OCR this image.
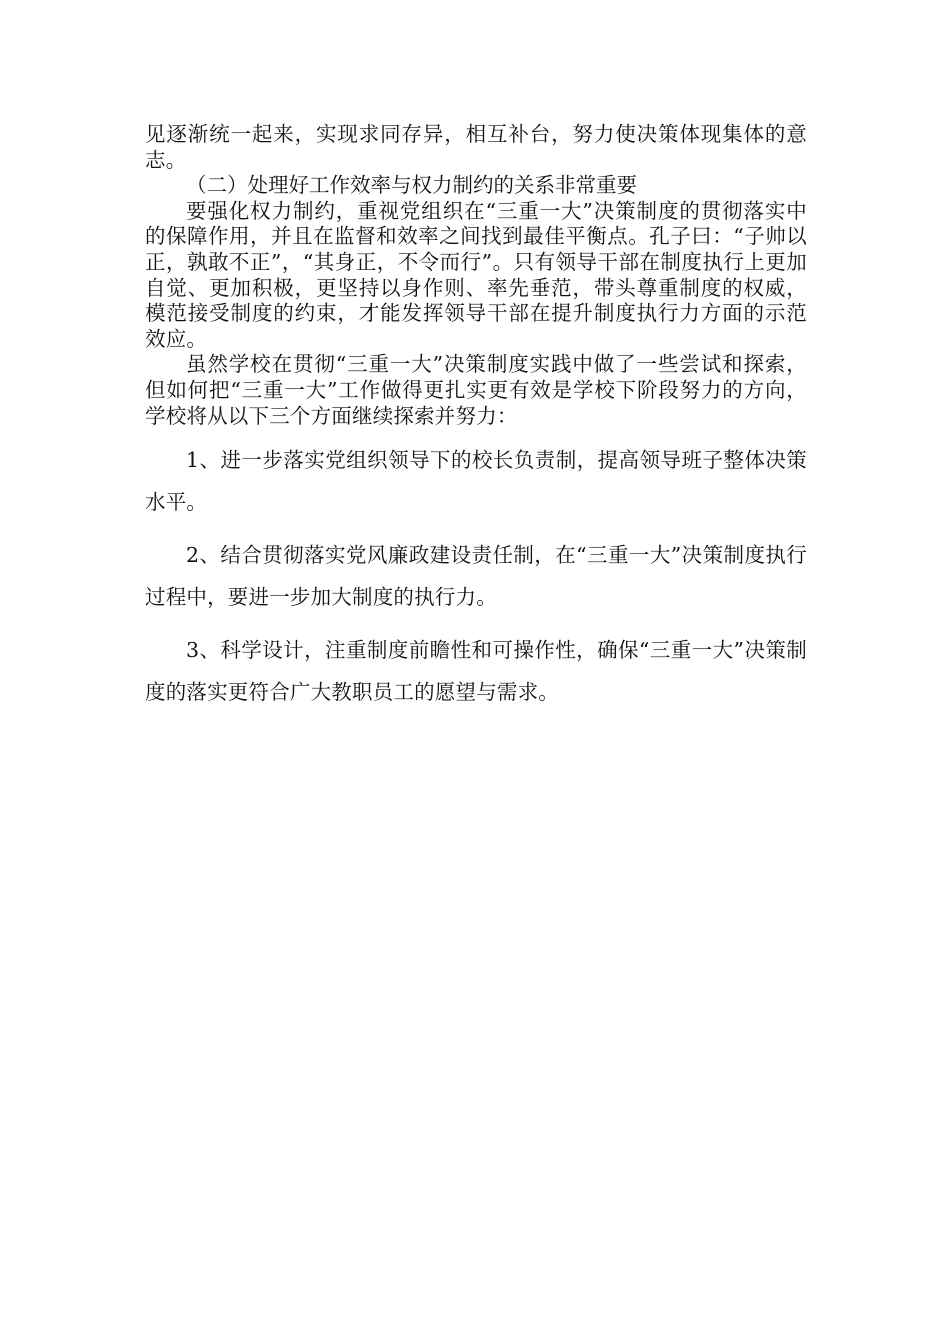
见逐渐统一起来，实现求同存异，相互补台，努力使决策体现集体的意志。

（二）处理好工作效率与权力制约的关系非常重要

要强化权力制约，重视党组织在“三重一大”决策制度的贯彻落实中的保障作用，并且在监督和效率之间找到最佳平衡点。孔子曰：“子帅以正，孰敢不正”，“其身正，不令而行”。只有领导干部在制度执行上更加自觉、更加积极，更坚持以身作则、率先垂范，带头尊重制度的权威，模范接受制度的约束，才能发挥领导干部在提升制度执行力方面的示范效应。

虽然学校在贯彻“三重一大”决策制度实践中做了一些尝试和探索，但如何把“三重一大”工作做得更扎实更有效是学校下阶段努力的方向，学校将从以下三个方面继续探索并努力：

1、进一步落实党组织领导下的校长负责制，提高领导班子整体决策水平。

2、结合贯彻落实党风廉政建设责任制，在“三重一大”决策制度执行过程中，要进一步加大制度的执行力。

3、科学设计，注重制度前瞻性和可操作性，确保“三重一大”决策制度的落实更符合广大教职员工的愿望与需求。
